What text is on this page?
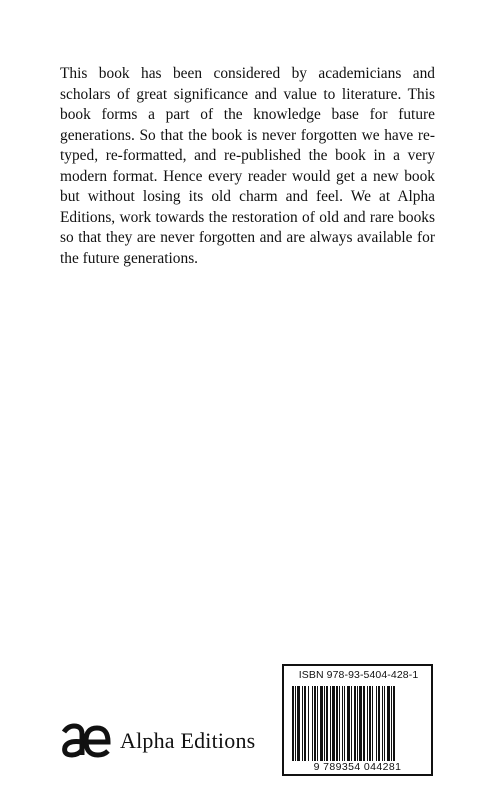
This book has been considered by academicians and scholars of great significance and value to literature. This book forms a part of the knowledge base for future generations. So that the book is never forgotten we have re-typed, re-formatted, and re-published the book in a very modern format. Hence every reader would get a new book but without losing its old charm and feel. We at Alpha Editions, work towards the restoration of old and rare books so that they are never forgotten and are always available for the future generations.

Alpha Editions
ISBN 978-93-5404-428-1
9 789354 044281
